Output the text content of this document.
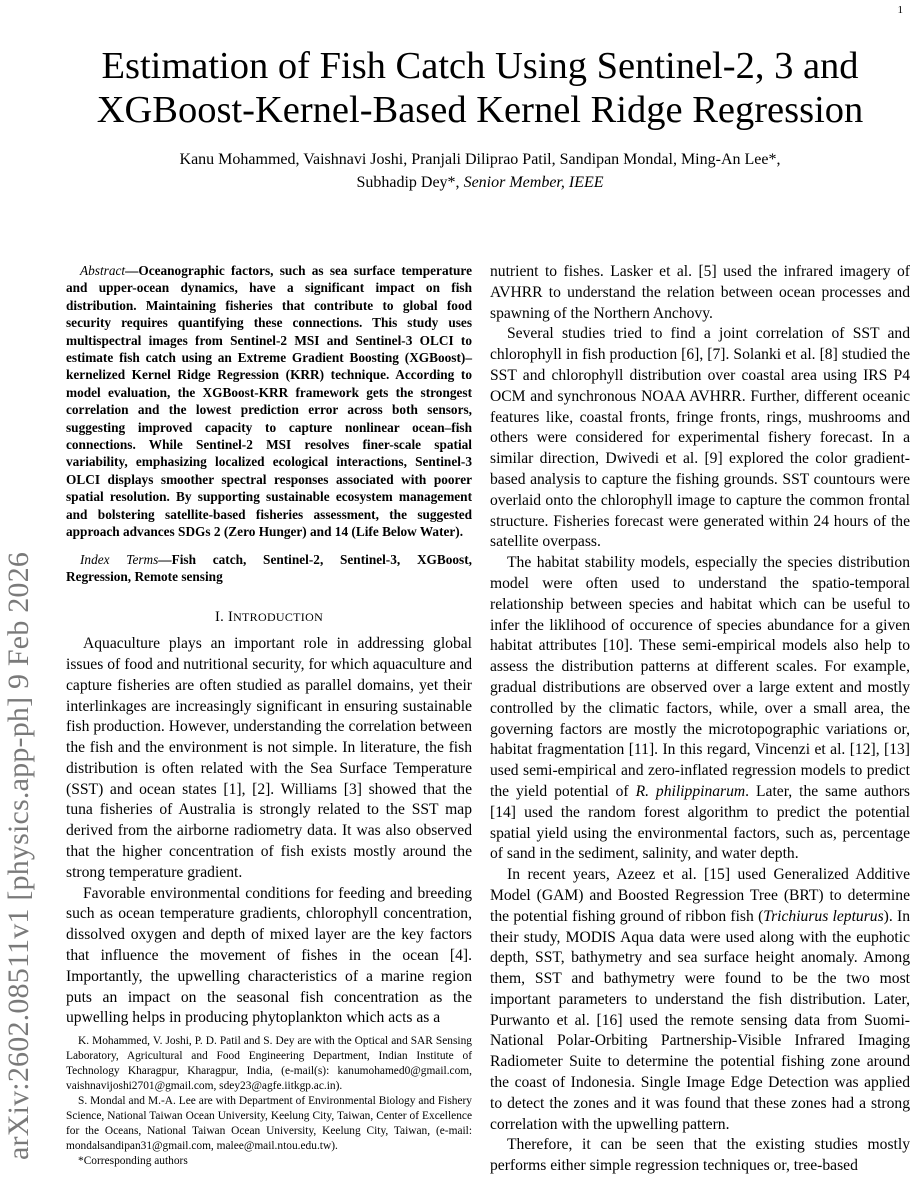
1
arXiv:2602.08511v1 [physics.app-ph] 9 Feb 2026
Estimation of Fish Catch Using Sentinel-2, 3 and
XGBoost-Kernel-Based Kernel Ridge Regression
Kanu Mohammed, Vaishnavi Joshi, Pranjali Diliprao Patil, Sandipan Mondal, Ming-An Lee*,
Subhadip Dey*, Senior Member, IEEE

Abstract—Oceanographic factors, such as sea surface temperature and upper-ocean dynamics, have a significant impact on fish distribution. Maintaining fisheries that contribute to global food security requires quantifying these connections. This study uses multispectral images from Sentinel-2 MSI and Sentinel-3 OLCI to estimate fish catch using an Extreme Gradient Boosting (XGBoost)–kernelized Kernel Ridge Regression (KRR) technique. According to model evaluation, the XGBoost-KRR framework gets the strongest correlation and the lowest prediction error across both sensors, suggesting improved capacity to capture nonlinear ocean–fish connections. While Sentinel-2 MSI resolves finer-scale spatial variability, emphasizing localized ecological interactions, Sentinel-3 OLCI displays smoother spectral responses associated with poorer spatial resolution. By supporting sustainable ecosystem management and bolstering satellite-based fisheries assessment, the suggested approach advances SDGs 2 (Zero Hunger) and 14 (Life Below Water).

Index Terms—Fish catch, Sentinel-2, Sentinel-3, XGBoost, Regression, Remote sensing

I. INTRODUCTION

Aquaculture plays an important role in addressing global issues of food and nutritional security, for which aquaculture and capture fisheries are often studied as parallel domains, yet their interlinkages are increasingly significant in ensuring sustainable fish production. However, understanding the correlation between the fish and the environment is not simple. In literature, the fish distribution is often related with the Sea Surface Temperature (SST) and ocean states [1], [2]. Williams [3] showed that the tuna fisheries of Australia is strongly related to the SST map derived from the airborne radiometry data. It was also observed that the higher concentration of fish exists mostly around the strong temperature gradient.

Favorable environmental conditions for feeding and breeding such as ocean temperature gradients, chlorophyll concentration, dissolved oxygen and depth of mixed layer are the key factors that influence the movement of fishes in the ocean [4]. Importantly, the upwelling characteristics of a marine region puts an impact on the seasonal fish concentration as the upwelling helps in producing phytoplankton which acts as a

K. Mohammed, V. Joshi, P. D. Patil and S. Dey are with the Optical and SAR Sensing Laboratory, Agricultural and Food Engineering Department, Indian Institute of Technology Kharagpur, Kharagpur, India, (e-mail(s): kanumohamed0@gmail.com, vaishnavijoshi2701@gmail.com, sdey23@agfe.iitkgp.ac.in).

S. Mondal and M.-A. Lee are with Department of Environmental Biology and Fishery Science, National Taiwan Ocean University, Keelung City, Taiwan, Center of Excellence for the Oceans, National Taiwan Ocean University, Keelung City, Taiwan, (e-mail: mondalsandipan31@gmail.com, malee@mail.ntou.edu.tw).

*Corresponding authors

nutrient to fishes. Lasker et al. [5] used the infrared imagery of AVHRR to understand the relation between ocean processes and spawning of the Northern Anchovy.

Several studies tried to find a joint correlation of SST and chlorophyll in fish production [6], [7]. Solanki et al. [8] studied the SST and chlorophyll distribution over coastal area using IRS P4 OCM and synchronous NOAA AVHRR. Further, different oceanic features like, coastal fronts, fringe fronts, rings, mushrooms and others were considered for experimental fishery forecast. In a similar direction, Dwivedi et al. [9] explored the color gradient-based analysis to capture the fishing grounds. SST countours were overlaid onto the chlorophyll image to capture the common frontal structure. Fisheries forecast were generated within 24 hours of the satellite overpass.

The habitat stability models, especially the species distribution model were often used to understand the spatio-temporal relationship between species and habitat which can be useful to infer the liklihood of occurence of species abundance for a given habitat attributes [10]. These semi-empirical models also help to assess the distribution patterns at different scales. For example, gradual distributions are observed over a large extent and mostly controlled by the climatic factors, while, over a small area, the governing factors are mostly the microtopographic variations or, habitat fragmentation [11]. In this regard, Vincenzi et al. [12], [13] used semi-empirical and zero-inflated regression models to predict the yield potential of R. philippinarum. Later, the same authors [14] used the random forest algorithm to predict the potential spatial yield using the environmental factors, such as, percentage of sand in the sediment, salinity, and water depth.

In recent years, Azeez et al. [15] used Generalized Additive Model (GAM) and Boosted Regression Tree (BRT) to determine the potential fishing ground of ribbon fish (Trichiurus lepturus). In their study, MODIS Aqua data were used along with the euphotic depth, SST, bathymetry and sea surface height anomaly. Among them, SST and bathymetry were found to be the two most important parameters to understand the fish distribution. Later, Purwanto et al. [16] used the remote sensing data from Suomi-National Polar-Orbiting Partnership-Visible Infrared Imaging Radiometer Suite to determine the potential fishing zone around the coast of Indonesia. Single Image Edge Detection was applied to detect the zones and it was found that these zones had a strong correlation with the upwelling pattern.

Therefore, it can be seen that the existing studies mostly performs either simple regression techniques or, tree-based
